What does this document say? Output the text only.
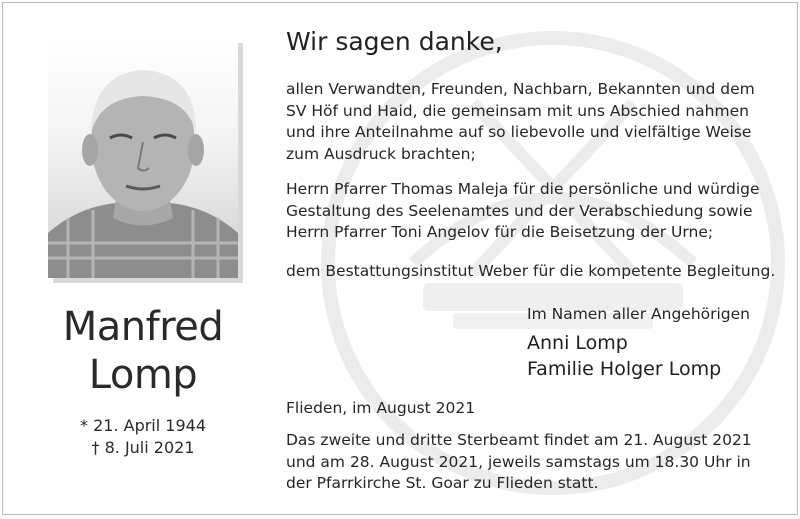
Manfred
Lomp
* 21. April 1944
† 8. Juli 2021
Wir sagen danke,
allen Verwandten, Freunden, Nachbarn, Bekannten und dem SV Höf und Haid, die gemeinsam mit uns Abschied nahmen und ihre Anteilnahme auf so liebevolle und vielfältige Weise zum Ausdruck brachten;
Herrn Pfarrer Thomas Maleja für die persönliche und würdige Gestaltung des Seelenamtes und der Verabschiedung sowie Herrn Pfarrer Toni Angelov für die Beisetzung der Urne;
dem Bestattungsinstitut Weber für die kompetente Begleitung.
Im Namen aller Angehörigen
Anni Lomp
Familie Holger Lomp
Flieden, im August 2021
Das zweite und dritte Sterbeamt findet am 21. August 2021 und am 28. August 2021, jeweils samstags um 18.30 Uhr in der Pfarrkirche St. Goar zu Flieden statt.
